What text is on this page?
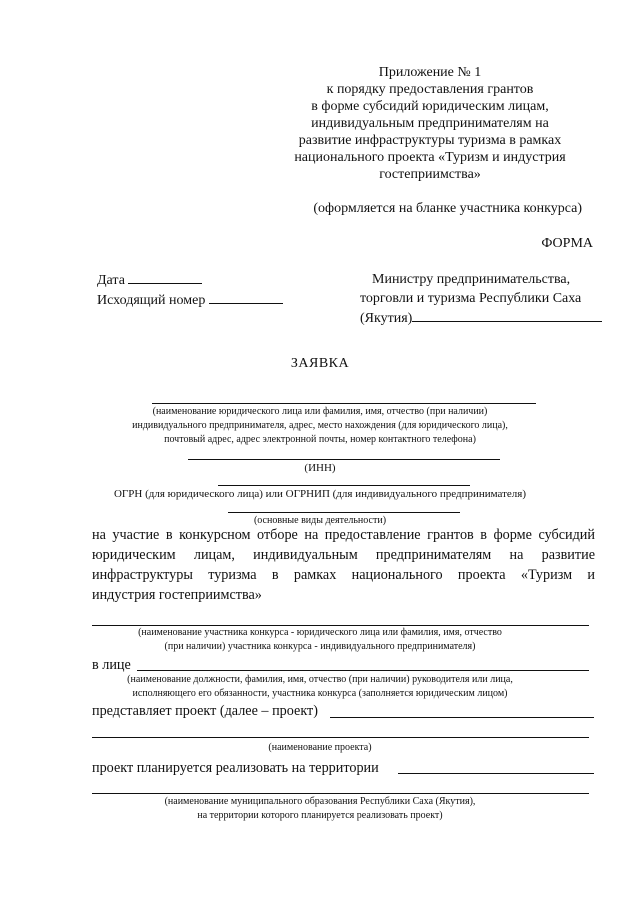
Приложение № 1
к порядку предоставления грантов
в форме субсидий юридическим лицам,
индивидуальным предпринимателям на
развитие инфраструктуры туризма в рамках
национального проекта «Туризм и индустрия
гостеприимства»
(оформляется на бланке участника конкурса)
ФОРМА
Дата
Исходящий номер
Министру предпринимательства,
торговли и туризма Республики Саха
(Якутия)
ЗАЯВКА
(наименование юридического лица или фамилия, имя, отчество (при наличии)
индивидуального предпринимателя, адрес, место нахождения (для юридического лица),
почтовый адрес, адрес электронной почты, номер контактного телефона)
(ИНН)
ОГРН (для юридического лица) или ОГРНИП (для индивидуального предпринимателя)
(основные виды деятельности)
на участие в конкурсном отборе на предоставление грантов в форме субсидий
юридическим лицам, индивидуальным предпринимателям на развитие
инфраструктуры туризма в рамках национального проекта «Туризм и
индустрия гостеприимства»
(наименование участника конкурса - юридического лица или фамилия, имя, отчество
(при наличии) участника конкурса - индивидуального предпринимателя)
в лице
(наименование должности, фамилия, имя, отчество (при наличии) руководителя или лица,
исполняющего его обязанности, участника конкурса (заполняется юридическим лицом)
представляет проект (далее – проект)
(наименование проекта)
проект планируется реализовать на территории
(наименование муниципального образования Республики Саха (Якутия),
на территории которого планируется реализовать проект)
